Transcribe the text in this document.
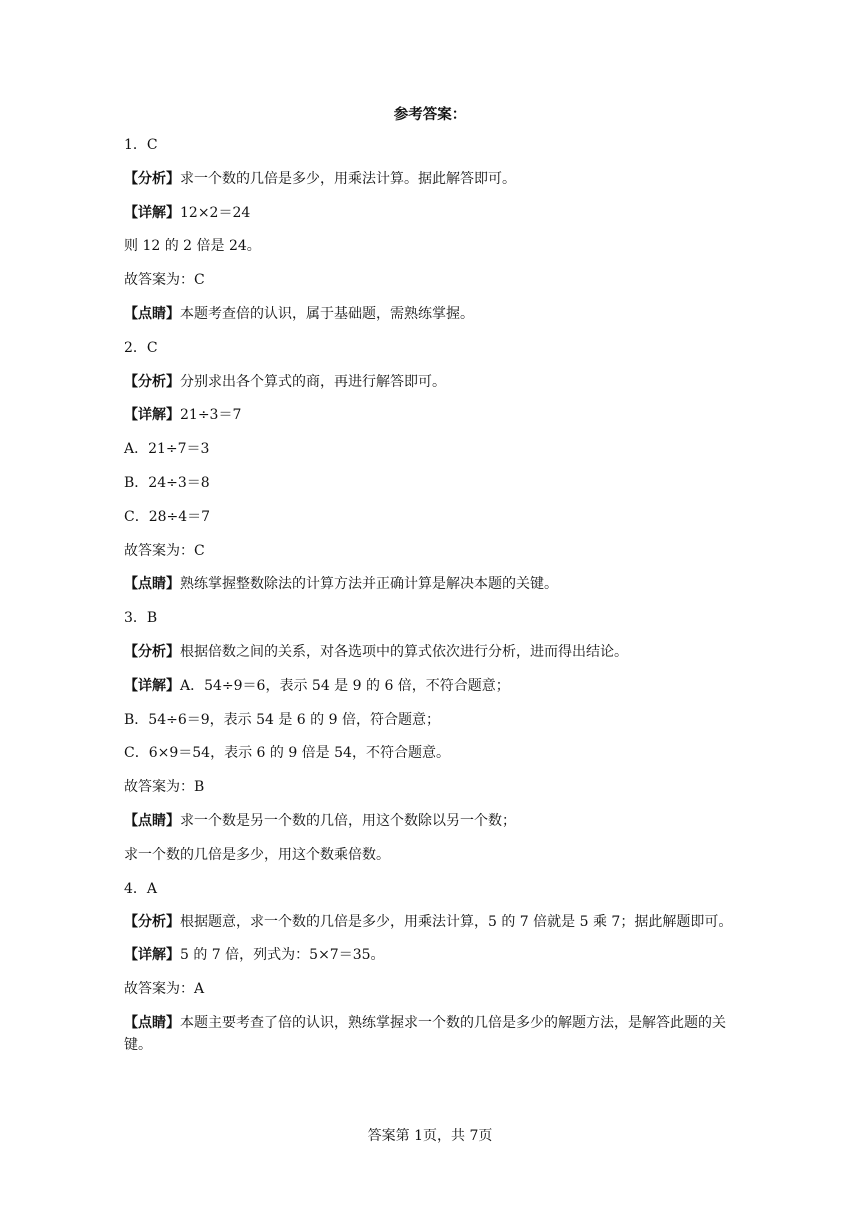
参考答案：
1．C
【分析】求一个数的几倍是多少，用乘法计算。据此解答即可。
【详解】12×2＝24
则 12 的 2 倍是 24。
故答案为：C
【点睛】本题考查倍的认识，属于基础题，需熟练掌握。
2．C
【分析】分别求出各个算式的商，再进行解答即可。
【详解】21÷3＝7
A．21÷7＝3
B．24÷3＝8
C．28÷4＝7
故答案为：C
【点睛】熟练掌握整数除法的计算方法并正确计算是解决本题的关键。
3．B
【分析】根据倍数之间的关系，对各选项中的算式依次进行分析，进而得出结论。
【详解】A．54÷9＝6，表示 54 是 9 的 6 倍，不符合题意；
B．54÷6＝9，表示 54 是 6 的 9 倍，符合题意；
C．6×9＝54，表示 6 的 9 倍是 54，不符合题意。
故答案为：B
【点睛】求一个数是另一个数的几倍，用这个数除以另一个数；
求一个数的几倍是多少，用这个数乘倍数。
4．A
【分析】根据题意，求一个数的几倍是多少，用乘法计算，5 的 7 倍就是 5 乘 7；据此解题即可。
【详解】5 的 7 倍，列式为：5×7＝35。
故答案为：A
【点睛】本题主要考查了倍的认识，熟练掌握求一个数的几倍是多少的解题方法，是解答此题的关键。
答案第 1页，共 7页
